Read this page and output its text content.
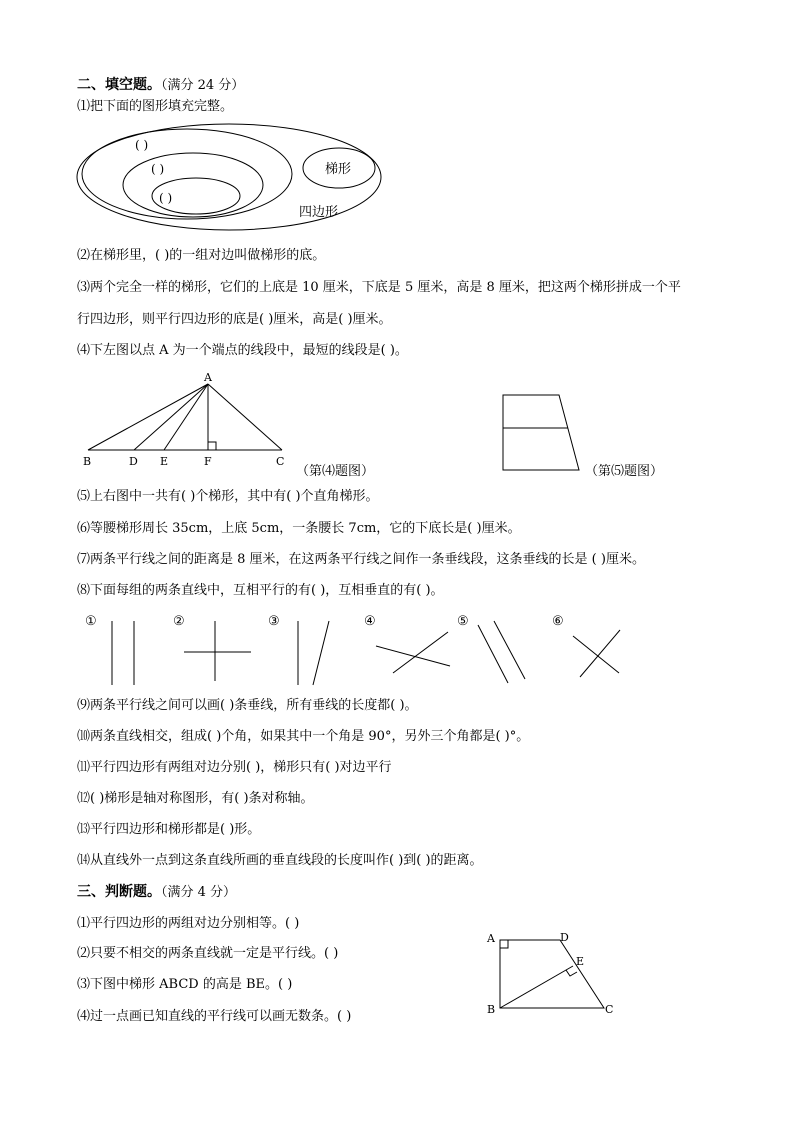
二、填空题。（满分 24 分）
⑴把下面的图形填充完整。
( )
( )
( )
梯形
四边形
⑵在梯形里，( )的一组对边叫做梯形的底。
⑶两个完全一样的梯形，它们的上底是 10 厘米，下底是 5 厘米，高是 8 厘米，把这两个梯形拼成一个平
行四边形，则平行四边形的底是( )厘米，高是( )厘米。
⑷下左图以点 A 为一个端点的线段中，最短的线段是( )。
A
B	D E	F	C
（第⑷题图）	（第⑸题图）
⑸上右图中一共有( )个梯形，其中有( )个直角梯形。
⑹等腰梯形周长 35cm，上底 5cm，一条腰长 7cm，它的下底长是( )厘米。
⑺两条平行线之间的距离是 8 厘米，在这两条平行线之间作一条垂线段，这条垂线的长是 ( )厘米。
⑻下面每组的两条直线中，互相平行的有( )，互相垂直的有( )。
①	②	③	④	⑤	⑥
⑼两条平行线之间可以画( )条垂线，所有垂线的长度都( )。
⑽两条直线相交，组成( )个角，如果其中一个角是 90°，另外三个角都是( )°。
⑾平行四边形有两组对边分别( )，梯形只有( )对边平行
⑿( )梯形是轴对称图形，有( )条对称轴。
⒀平行四边形和梯形都是( )形。
⒁从直线外一点到这条直线所画的垂直线段的长度叫作( )到( )的距离。
三、判断题。（满分 4 分）
⑴平行四边形的两组对边分别相等。( )
⑵只要不相交的两条直线就一定是平行线。( )
⑶下图中梯形 ABCD 的高是 BE。( )
⑷过一点画已知直线的平行线可以画无数条。( )
A	D
E
B	C
